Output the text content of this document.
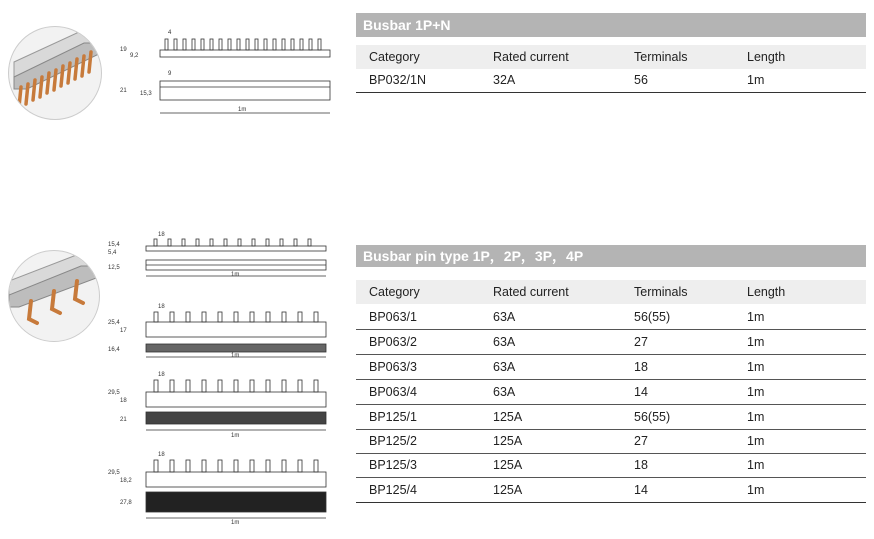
4
19
9,2
9
21 15,3
1m
Busbar 1P+N
Category	Rated current	Terminals	Length
BP032/1N	32A	56	1m
18
15,4
5,4
12,5
1m
18
25,4
17
16,4
1m
18
29,5
18
21
1m
18
29,5
18,2
27,8
1m
Busbar pin type 1P，2P，3P，4P
Category	Rated current	Terminals	Length
BP063/1	63A	56(55)	1m
BP063/2	63A	27	1m
BP063/3	63A	18	1m
BP063/4	63A	14	1m
BP125/1	125A	56(55)	1m
BP125/2	125A	27	1m
BP125/3	125A	18	1m
BP125/4	125A	14	1m
